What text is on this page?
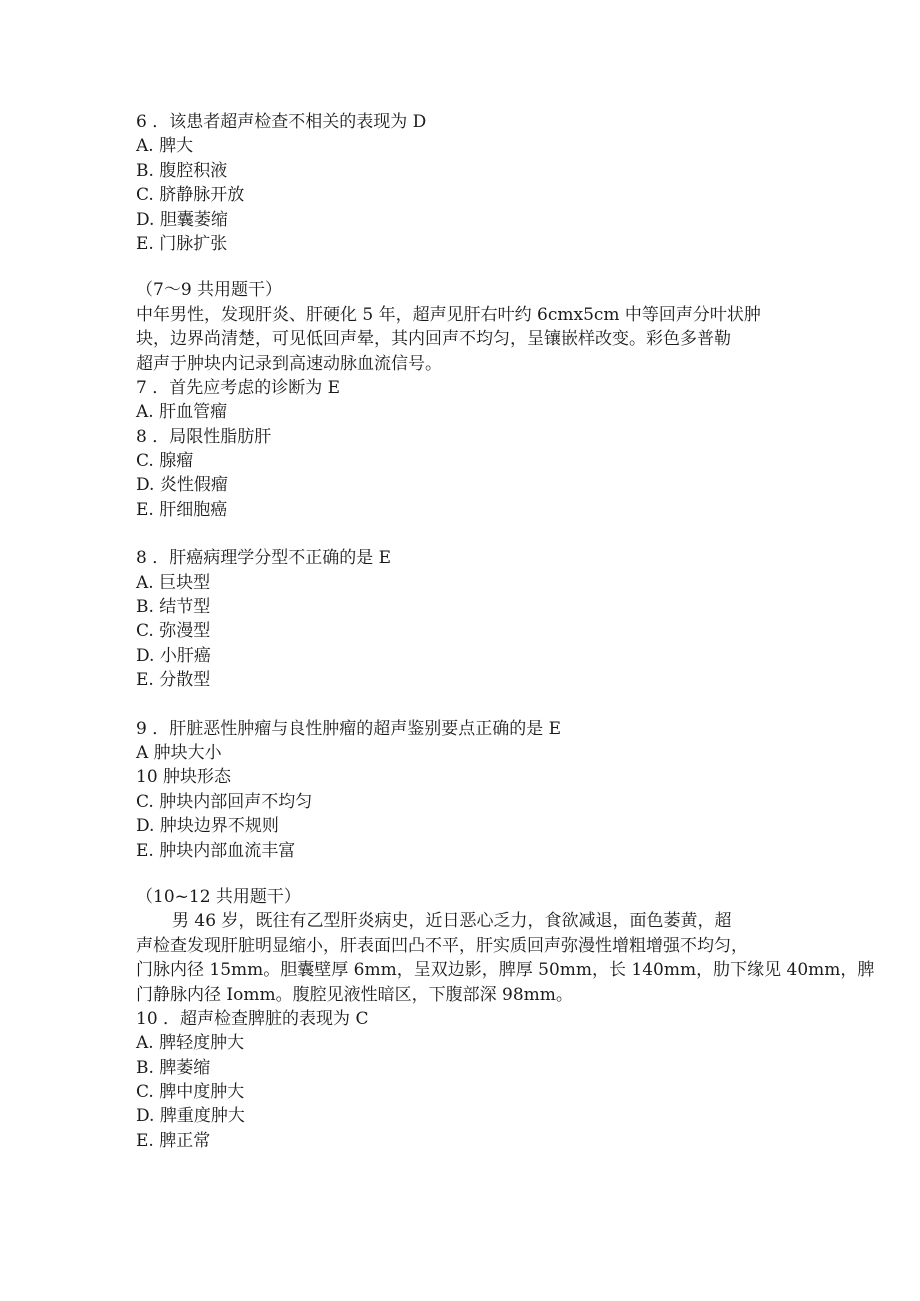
6 ．该患者超声检查不相关的表现为 D
A. 脾大
B. 腹腔积液
C. 脐静脉开放
D. 胆囊萎缩
E. 门脉扩张
（7～9 共用题干）
中年男性，发现肝炎、肝硬化 5 年，超声见肝右叶约 6cmx5cm 中等回声分叶状肿
块，边界尚清楚，可见低回声晕，其内回声不均匀，呈镶嵌样改变。彩色多普勒
超声于肿块内记录到高速动脉血流信号。
7 ．首先应考虑的诊断为 E
A. 肝血管瘤
8 ．局限性脂肪肝
C. 腺瘤
D. 炎性假瘤
E. 肝细胞癌
8 ．肝癌病理学分型不正确的是 E
A. 巨块型
B. 结节型
C. 弥漫型
D. 小肝癌
E. 分散型
9 ．肝脏恶性肿瘤与良性肿瘤的超声鉴别要点正确的是 E
A 肿块大小
10 肿块形态
C. 肿块内部回声不均匀
D. 肿块边界不规则
E. 肿块内部血流丰富
（10~12 共用题干）
男 46 岁，既往有乙型肝炎病史，近日恶心乏力，食欲减退，面色萎黄，超
声检查发现肝脏明显缩小，肝表面凹凸不平，肝实质回声弥漫性增粗增强不均匀，
门脉内径 15mm。胆囊壁厚 6mm，呈双边影，脾厚 50mm，长 140mm，肋下缘见 40mm，脾
门静脉内径 Iomm。腹腔见液性暗区，下腹部深 98mm。
10 ．超声检查脾脏的表现为 C
A. 脾轻度肿大
B. 脾萎缩
C. 脾中度肿大
D. 脾重度肿大
E. 脾正常
